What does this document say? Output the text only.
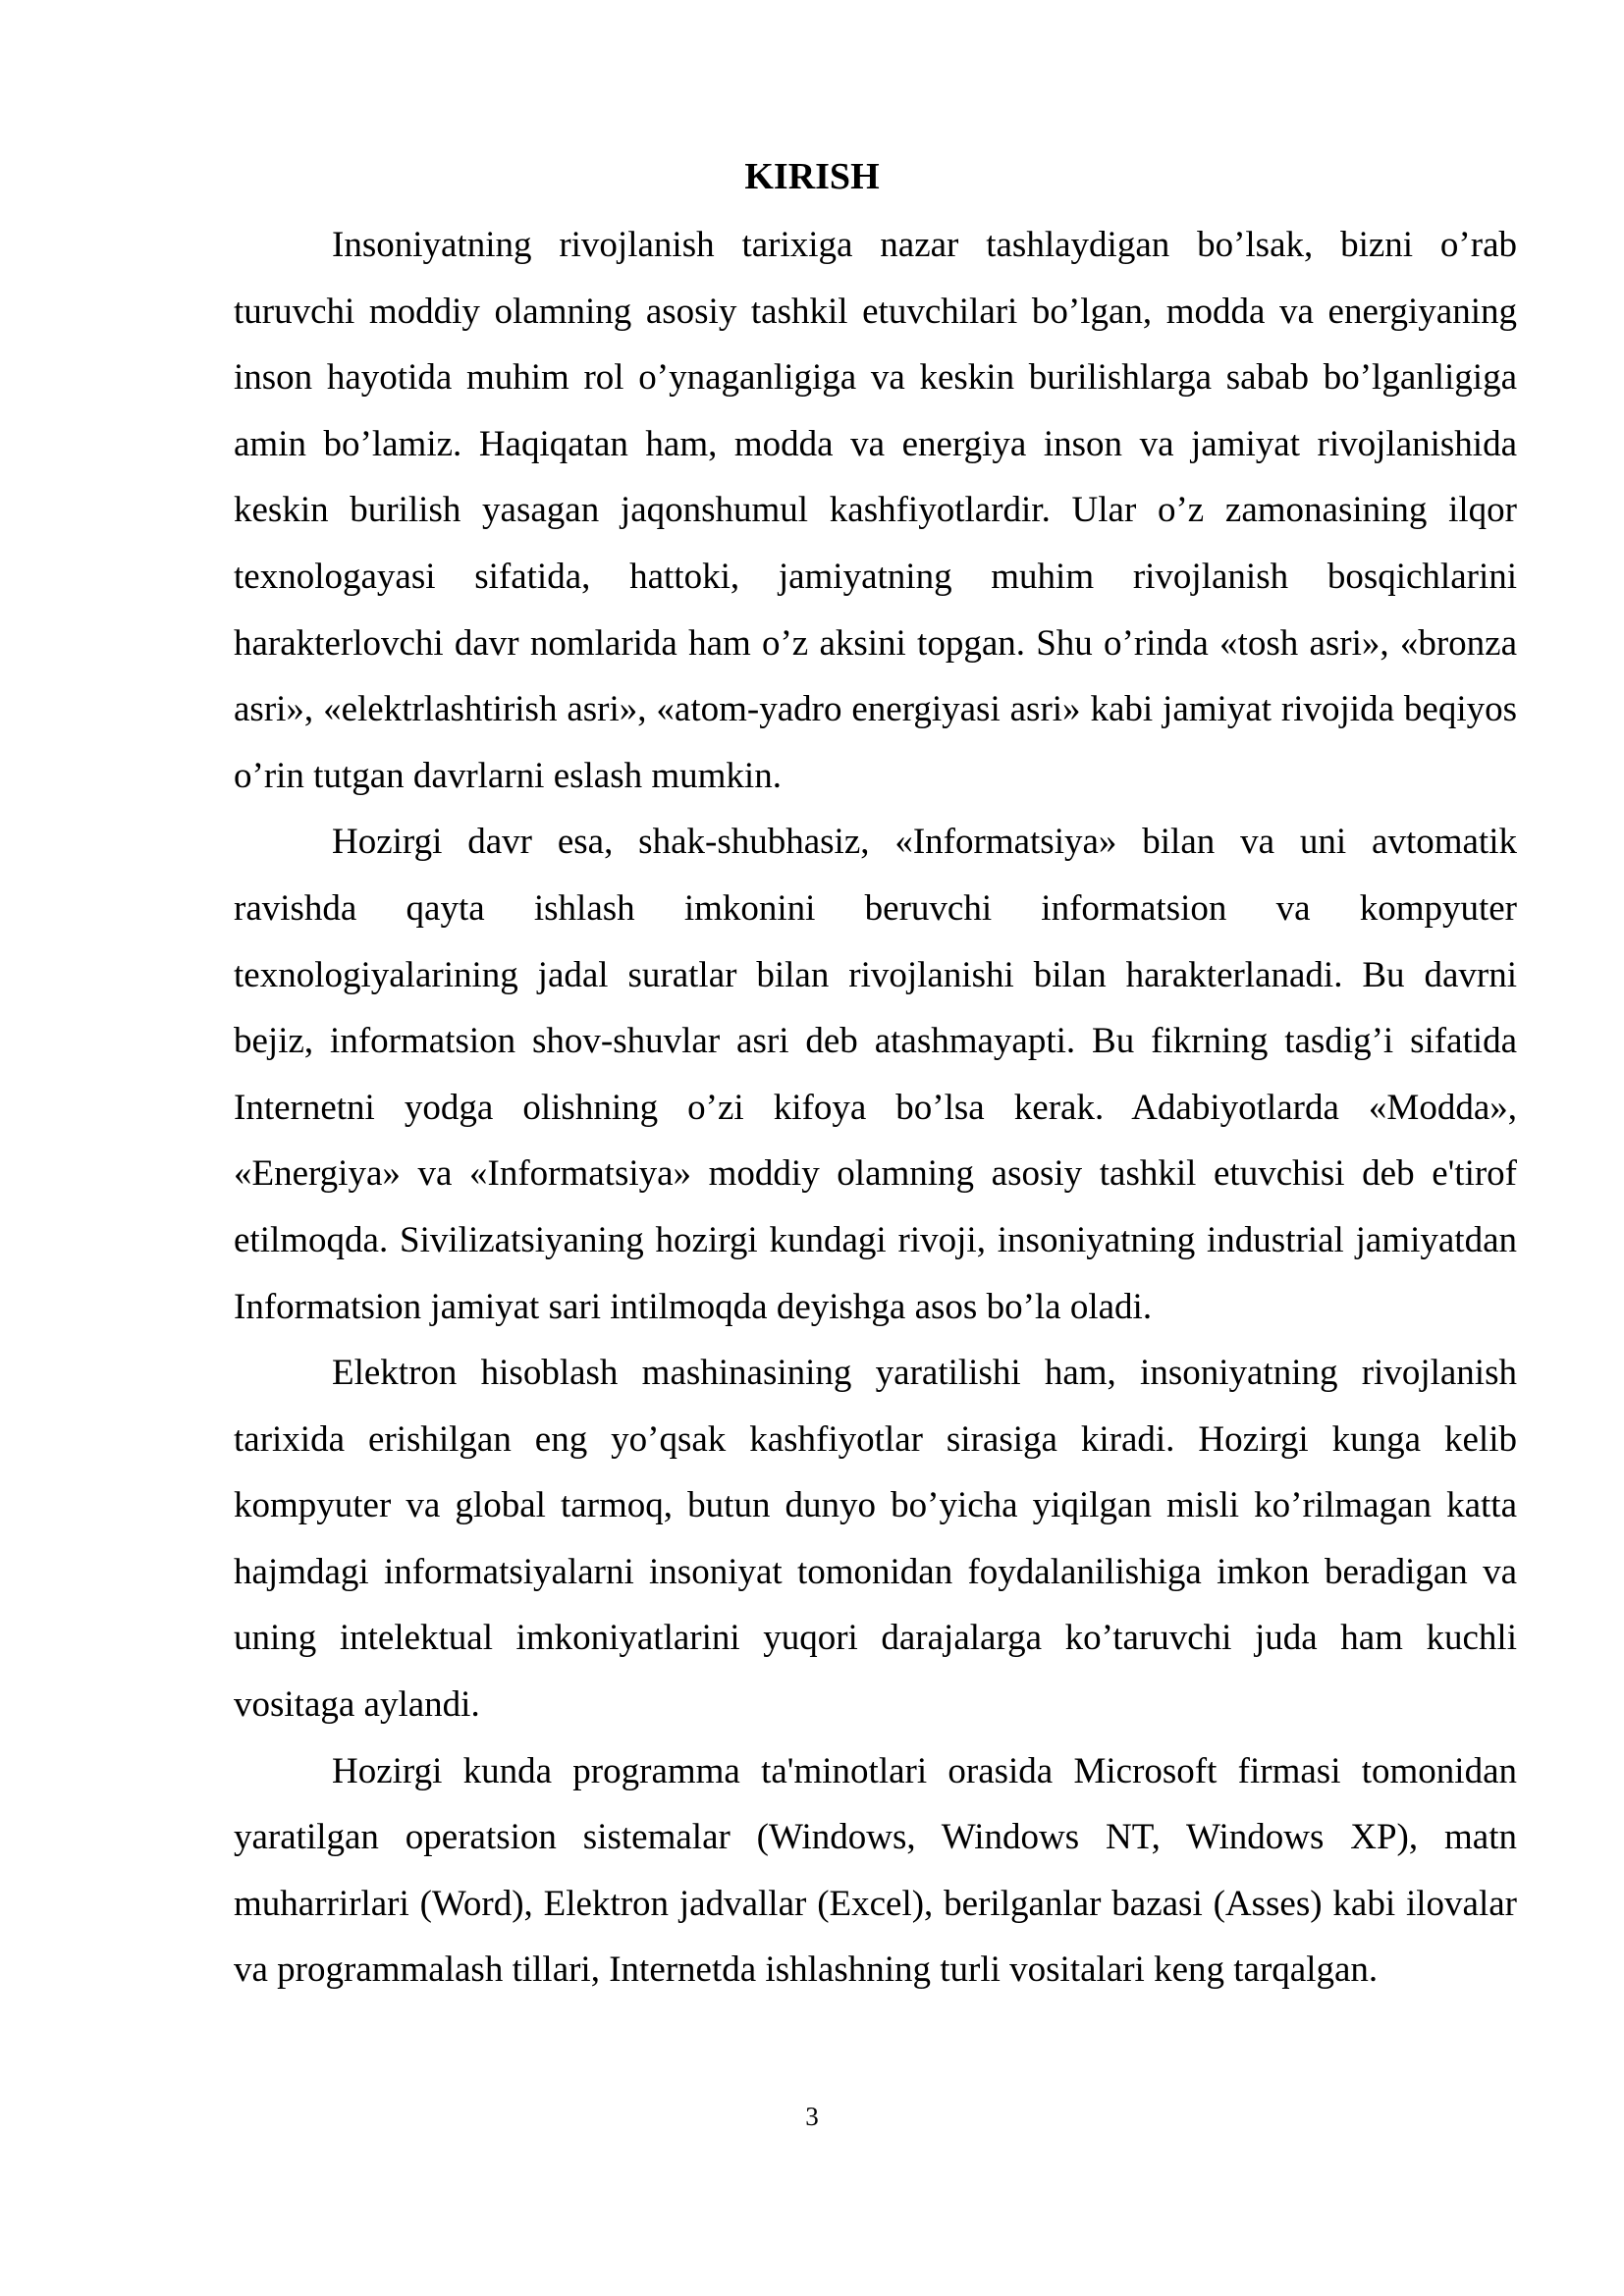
KIRISH

Insoniyatning rivojlanish tarixiga nazar tashlaydigan bo’lsak, bizni o’rab turuvchi moddiy olamning asosiy tashkil etuvchilari bo’lgan, modda va energiyaning inson hayotida muhim rol o’ynaganligiga va keskin burilishlarga sabab bo’lganligiga amin bo’lamiz. Haqiqatan ham, modda va energiya inson va jamiyat rivojlanishida keskin burilish yasagan jaqonshumul kashfiyotlardir. Ular o’z zamonasining ilqor texnologayasi sifatida, hattoki, jamiyatning muhim rivojlanish bosqichlarini harakterlovchi davr nomlarida ham o’z aksini topgan. Shu o’rinda «tosh asri», «bronza asri», «elektrlashtirish asri», «atom-yadro energiyasi asri» kabi jamiyat rivojida beqiyos o’rin tutgan davrlarni eslash mumkin.

Hozirgi davr esa, shak-shubhasiz, «Informatsiya» bilan va uni avtomatik ravishda qayta ishlash imkonini beruvchi informatsion va kompyuter texnologiyalarining jadal suratlar bilan rivojlanishi bilan harakterlanadi. Bu davrni bejiz, informatsion shov-shuvlar asri deb atashmayapti. Bu fikrning tasdig’i sifatida Internetni yodga olishning o’zi kifoya bo’lsa kerak. Adabiyotlarda «Modda», «Energiya» va «Informatsiya» moddiy olamning asosiy tashkil etuvchisi deb e'tirof etilmoqda. Sivilizatsiyaning hozirgi kundagi rivoji, insoniyatning industrial jamiyatdan Informatsion jamiyat sari intilmoqda deyishga asos bo’la oladi.

Elektron hisoblash mashinasining yaratilishi ham, insoniyatning rivojlanish tarixida erishilgan eng yo’qsak kashfiyotlar sirasiga kiradi. Hozirgi kunga kelib kompyuter va global tarmoq, butun dunyo bo’yicha yiqilgan misli ko’rilmagan katta hajmdagi informatsiyalarni insoniyat tomonidan foydalanilishiga imkon beradigan va uning intelektual imkoniyatlarini yuqori darajalarga ko’taruvchi juda ham kuchli vositaga aylandi.

Hozirgi kunda programma ta'minotlari orasida Microsoft firmasi tomonidan yaratilgan operatsion sistemalar (Windows, Windows NT, Windows XP), matn muharrirlari (Word), Elektron jadvallar (Excel), berilganlar bazasi (Asses) kabi ilovalar va programmalash tillari, Internetda ishlashning turli vositalari keng tarqalgan.

3
